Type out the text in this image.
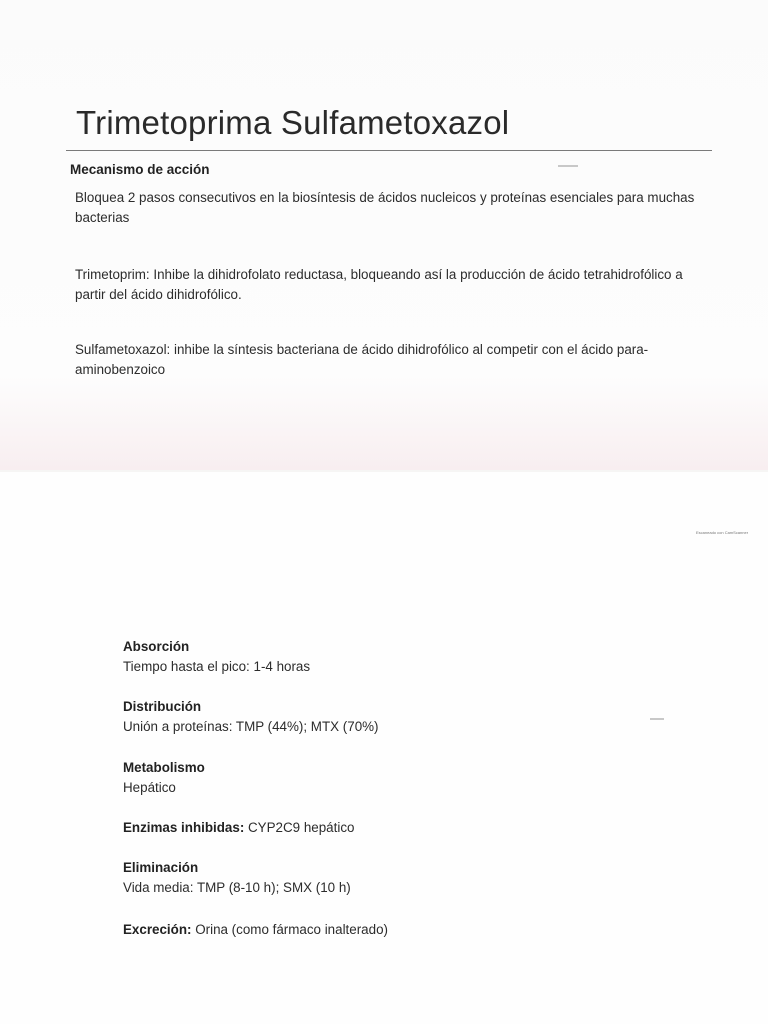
Trimetoprima Sulfametoxazol
Mecanismo de acción

Bloquea 2 pasos consecutivos en la biosíntesis de ácidos nucleicos y proteínas esenciales para muchas bacterias

Trimetoprim: Inhibe la dihidrofolato reductasa, bloqueando así la producción de ácido tetrahidrofólico a partir del ácido dihidrofólico.

Sulfametoxazol: inhibe la síntesis bacteriana de ácido dihidrofólico al competir con el ácido para-aminobenzoico

Escaneado con CamScanner

Absorción

Tiempo hasta el pico: 1-4 horas

Distribución

Unión a proteínas: TMP (44%); MTX (70%)

Metabolismo

Hepático

Enzimas inhibidas: CYP2C9 hepático

Eliminación

Vida media: TMP (8-10 h); SMX (10 h)

Excreción: Orina (como fármaco inalterado)
